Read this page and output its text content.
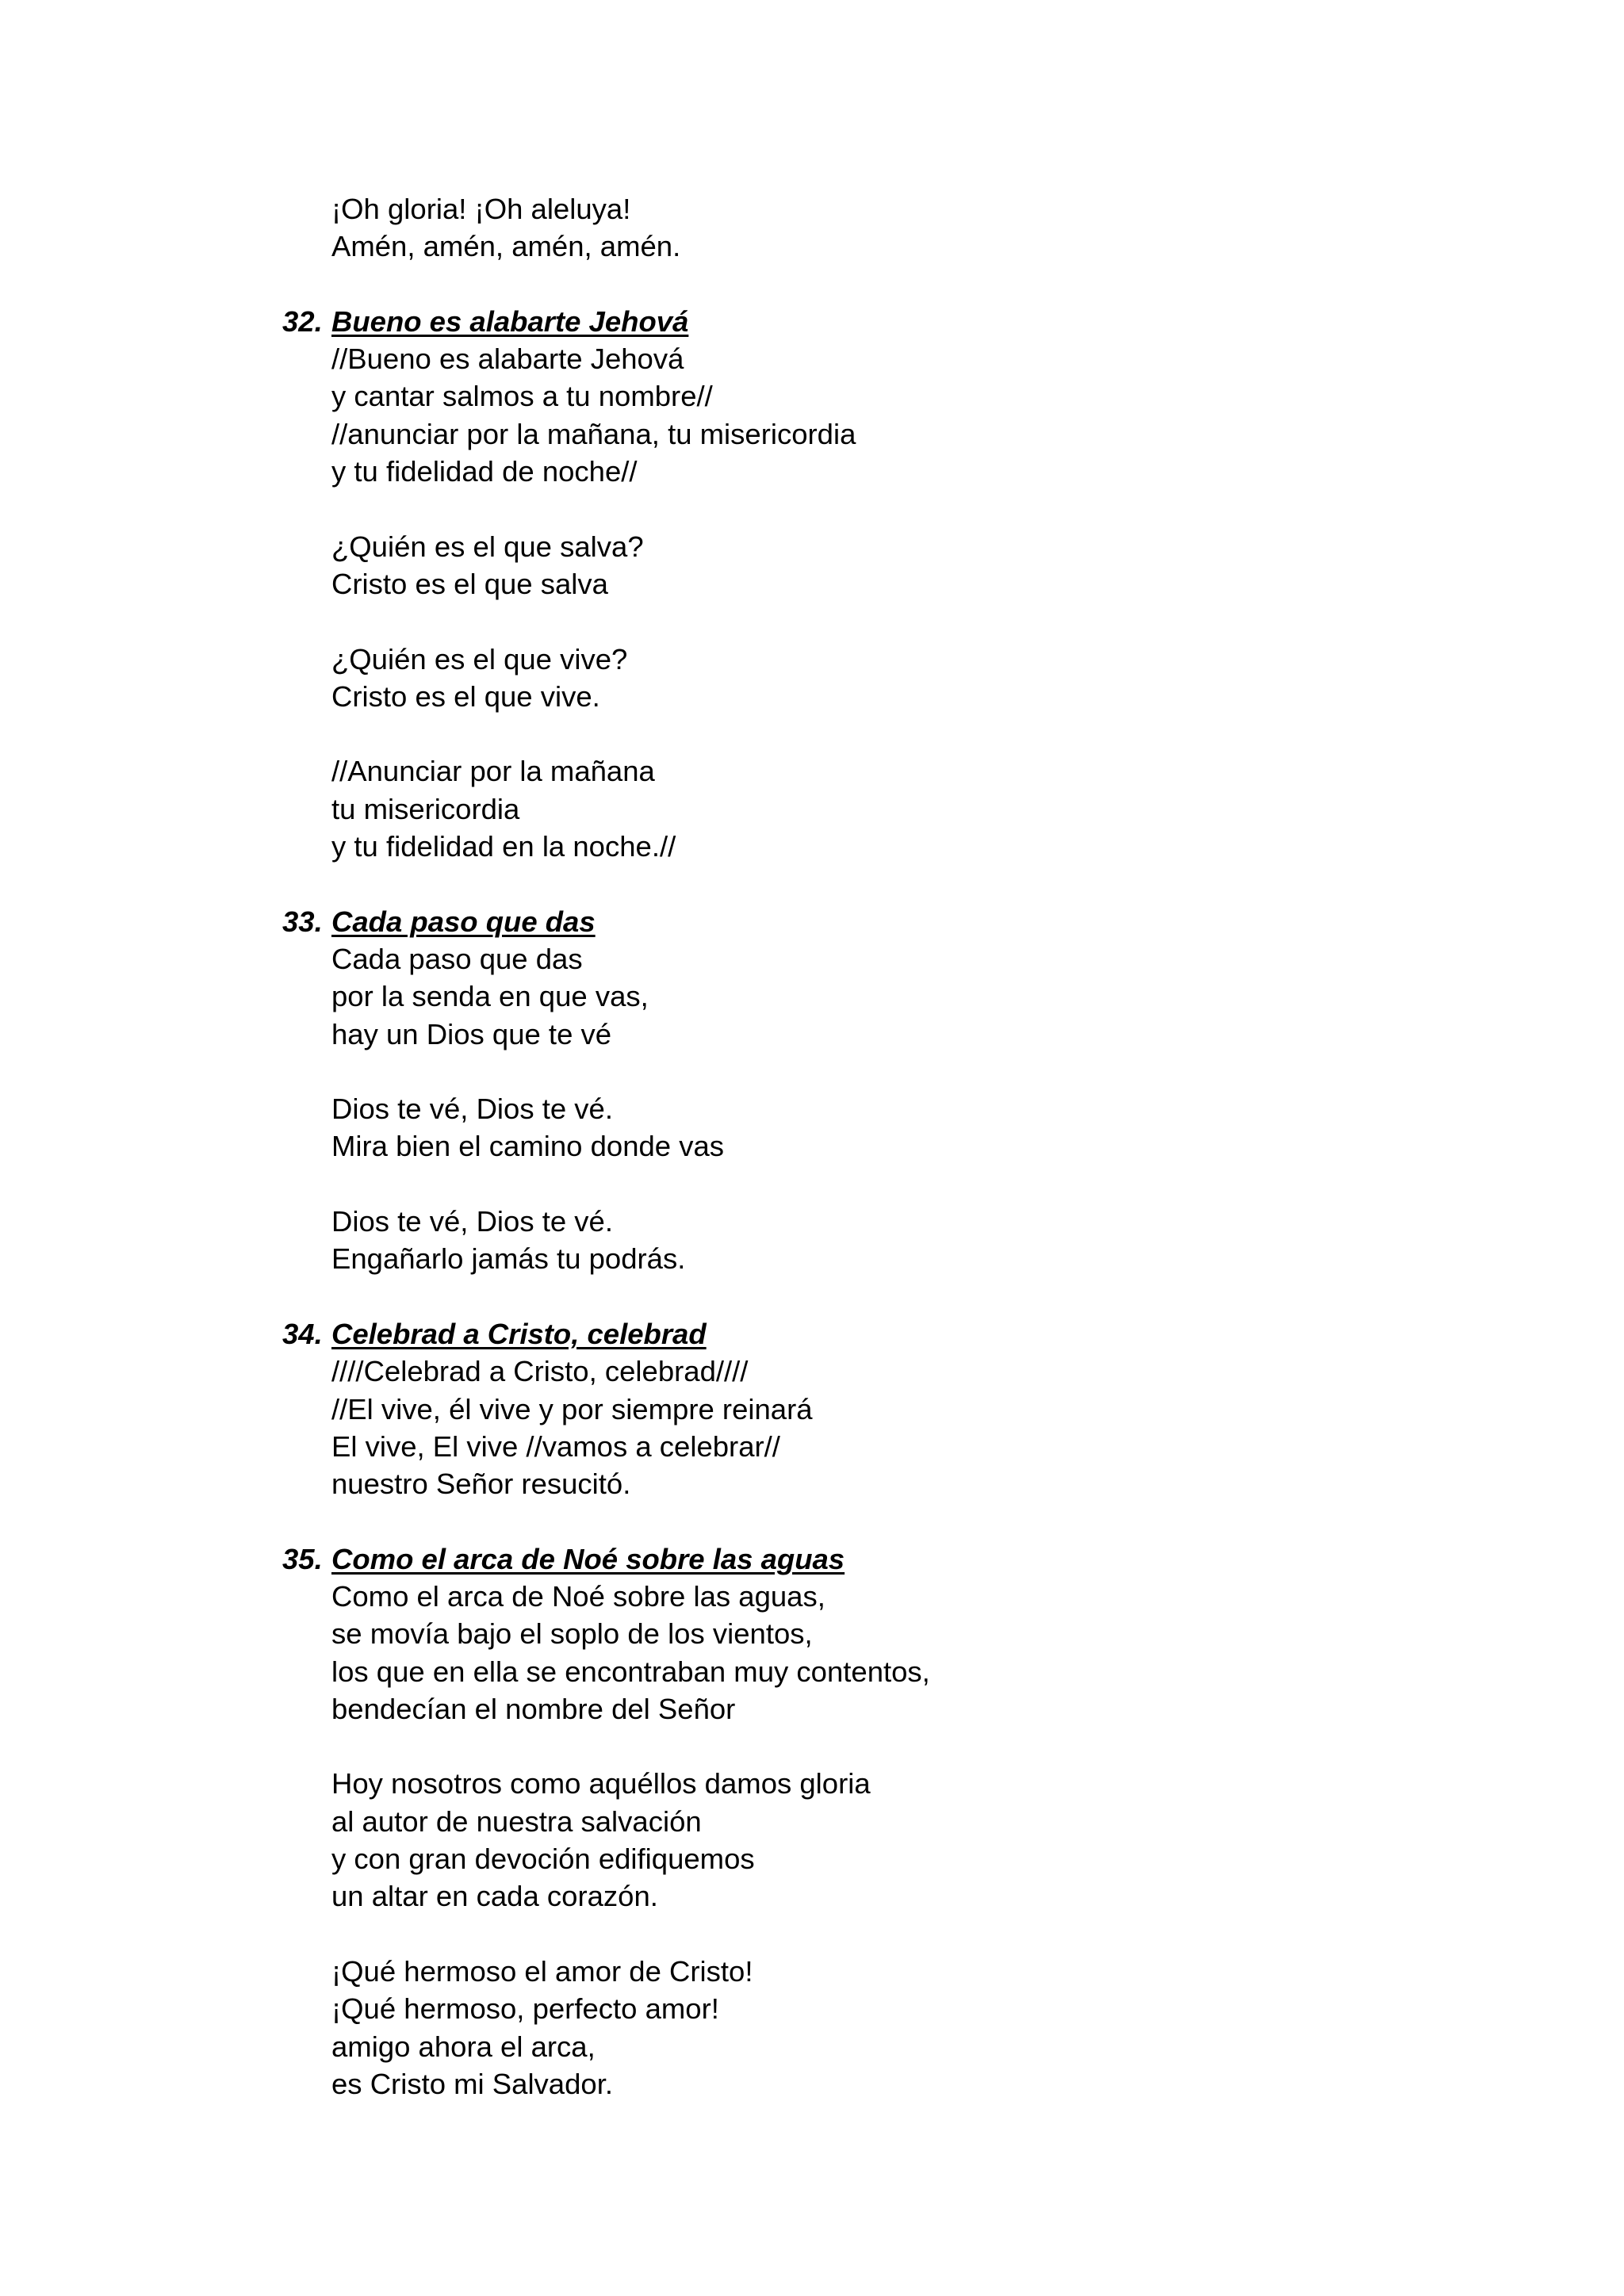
¡Oh gloria! ¡Oh aleluya!
Amén, amén, amén, amén.
32. Bueno es alabarte Jehová
//Bueno es alabarte Jehová
y cantar salmos a tu nombre//
//anunciar por la mañana, tu misericordia
y tu fidelidad de noche//
¿Quién es el que salva?
Cristo es el que salva
¿Quién es el que vive?
Cristo es el que vive.
//Anunciar por la mañana
tu misericordia
y tu fidelidad en la noche.//
33. Cada paso que das
Cada paso que das
por la senda en que vas,
hay un Dios que te vé
Dios te vé, Dios te vé.
Mira bien el camino donde vas
Dios te vé, Dios te vé.
Engañarlo jamás tu podrás.
34. Celebrad a Cristo, celebrad
////Celebrad a Cristo, celebrad////
//El vive, él vive y por siempre reinará
El vive, El vive //vamos a celebrar//
nuestro Señor resucitó.
35. Como el arca de Noé sobre las aguas
Como el arca de Noé sobre las aguas,
se movía bajo el soplo de los vientos,
los que en ella se encontraban muy contentos,
bendecían el nombre del Señor
Hoy nosotros como aquéllos damos gloria
al autor de nuestra salvación
y con gran devoción edifiquemos
un altar en cada corazón.
¡Qué hermoso el amor de Cristo!
¡Qué hermoso, perfecto amor!
amigo ahora el arca,
es Cristo mi Salvador.
